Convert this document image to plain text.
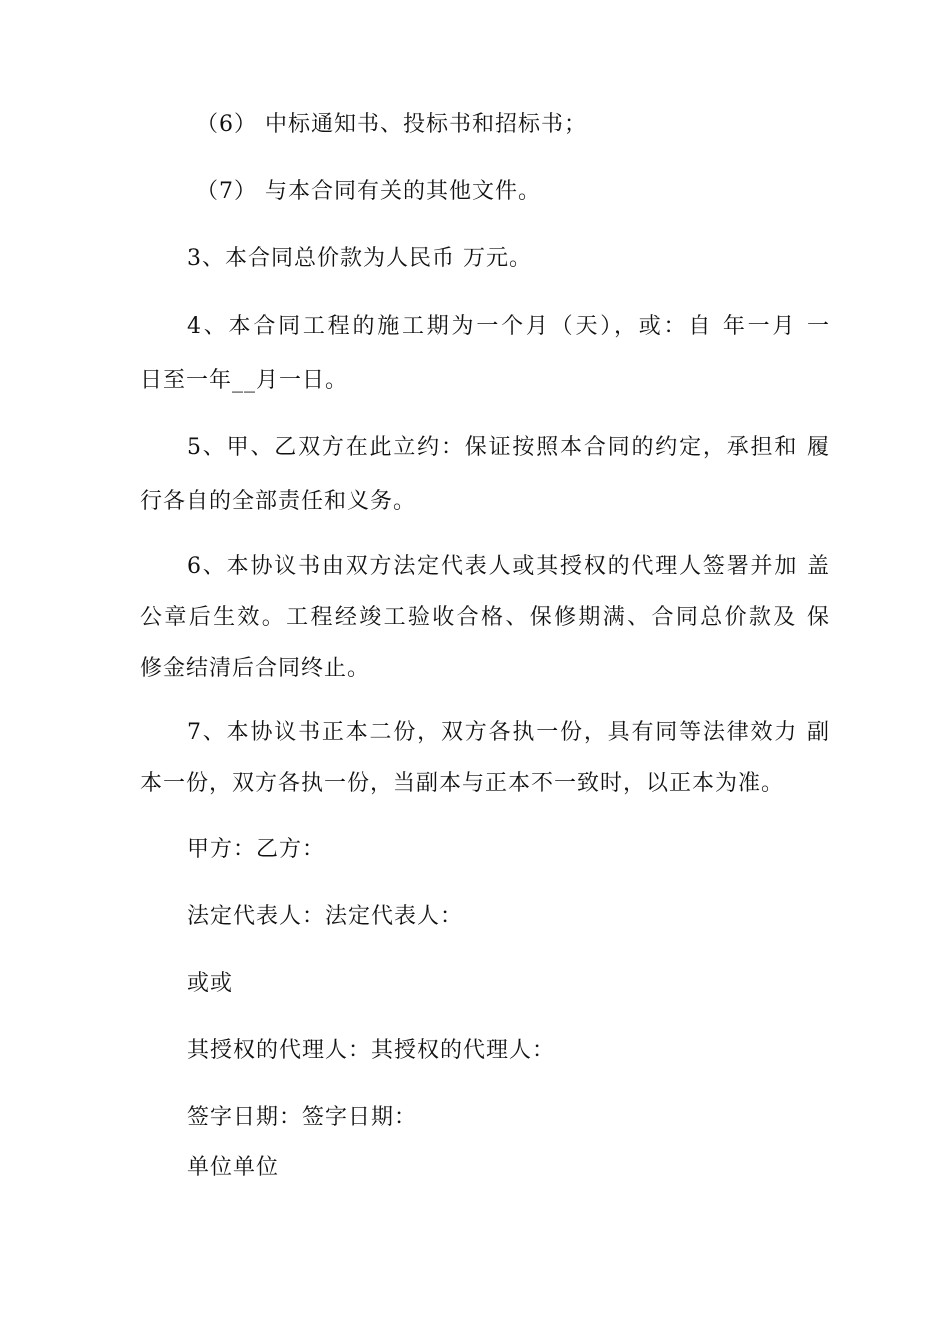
（6） 中标通知书、投标书和招标书；
（7） 与本合同有关的其他文件。
3、本合同总价款为人民币 万元。
4、本合同工程的施工期为一个月（天），或：自 年一月 一
日至一年__月一日。
5、甲、乙双方在此立约：保证按照本合同的约定，承担和 履
行各自的全部责任和义务。
6、本协议书由双方法定代表人或其授权的代理人签署并加 盖
公章后生效。工程经竣工验收合格、保修期满、合同总价款及 保
修金结清后合同终止。
7、本协议书正本二份，双方各执一份，具有同等法律效力 副
本一份，双方各执一份，当副本与正本不一致时，以正本为准。
甲方：乙方：
法定代表人：法定代表人：
或或
其授权的代理人：其授权的代理人：
签字日期：签字日期：
单位单位
